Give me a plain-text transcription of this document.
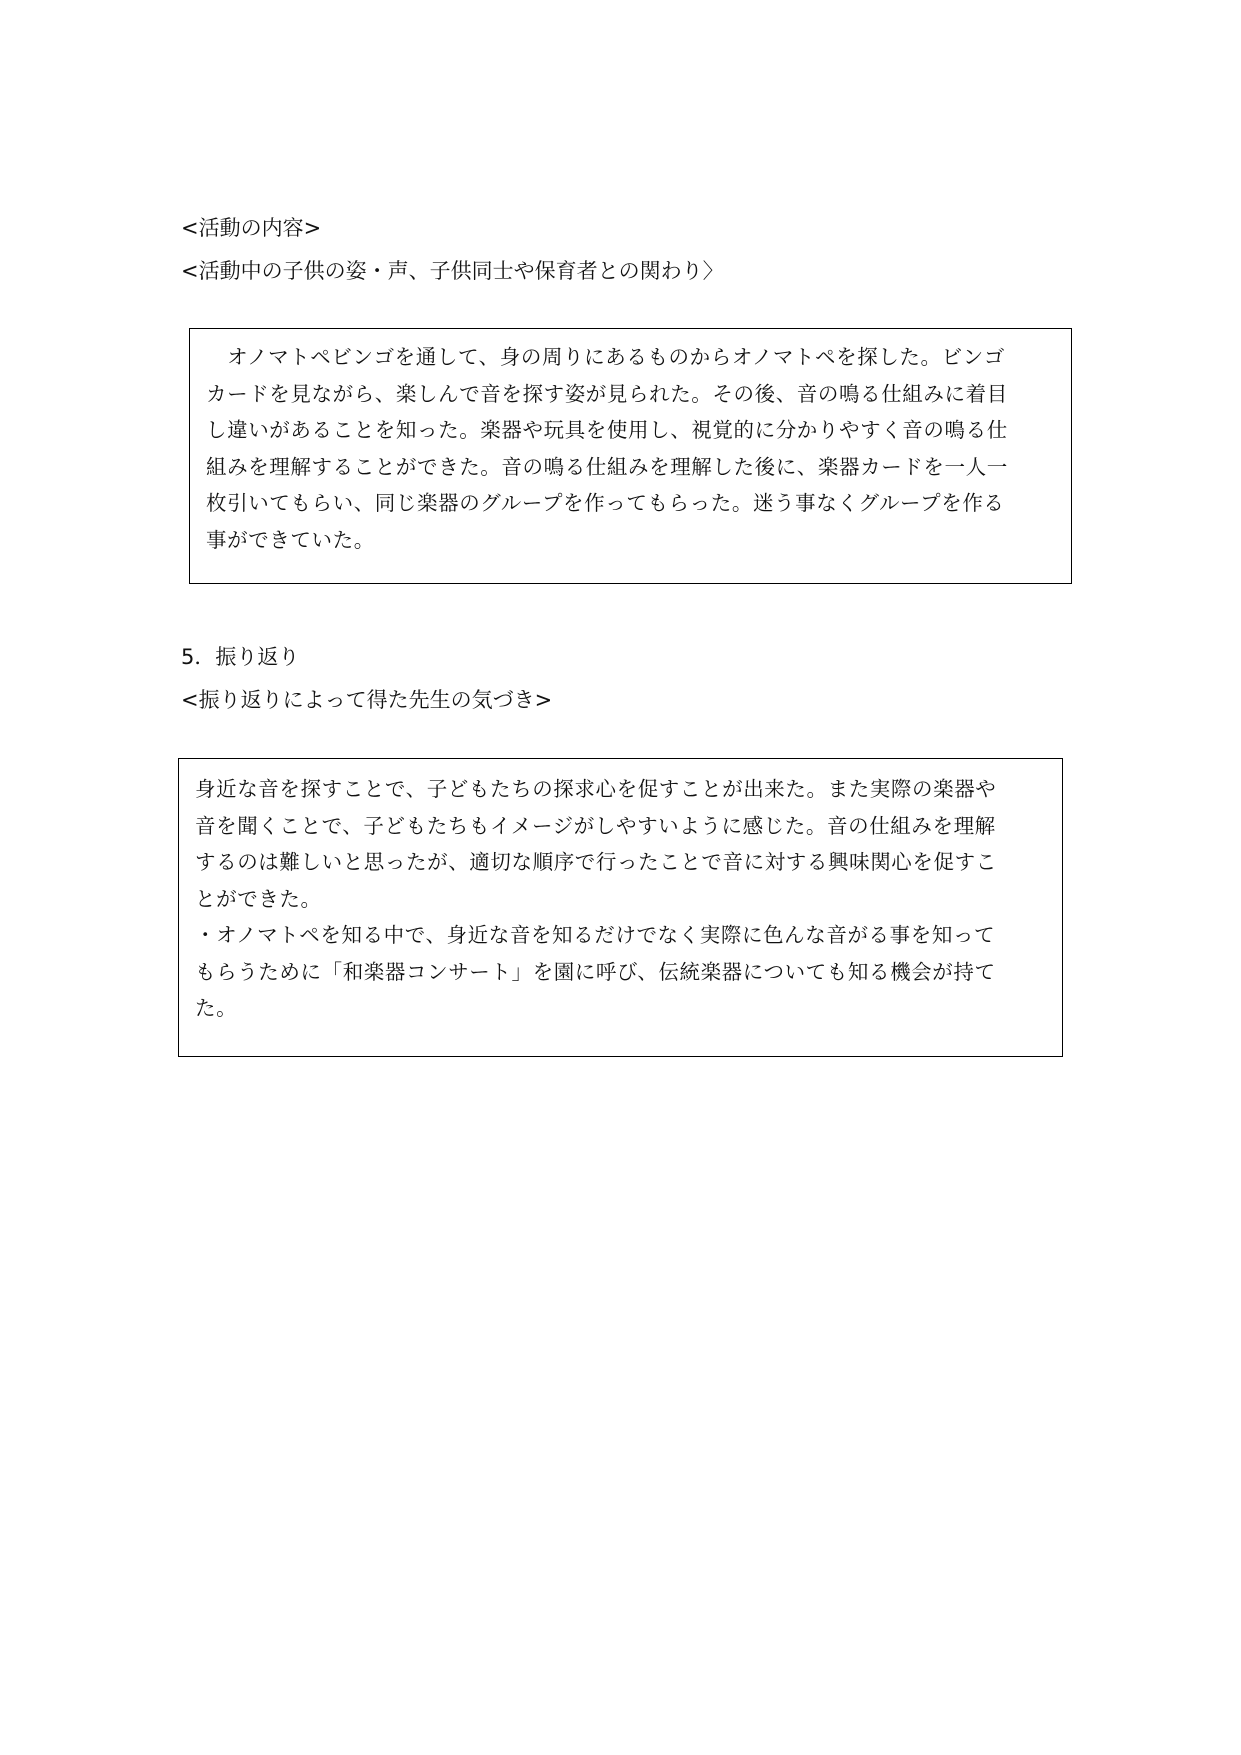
<活動の内容>
<活動中の子供の姿・声、子供同士や保育者との関わり〉

　オノマトペビンゴを通して、身の周りにあるものからオノマトペを探した。ビンゴ

カードを見ながら、楽しんで音を探す姿が見られた。その後、音の鳴る仕組みに着目

し違いがあることを知った。楽器や玩具を使用し、視覚的に分かりやすく音の鳴る仕

組みを理解することができた。音の鳴る仕組みを理解した後に、楽器カードを一人一

枚引いてもらい、同じ楽器のグループを作ってもらった。迷う事なくグループを作る

事ができていた。

5．振り返り
<振り返りによって得た先生の気づき>

身近な音を探すことで、子どもたちの探求心を促すことが出来た。また実際の楽器や

音を聞くことで、子どもたちもイメージがしやすいように感じた。音の仕組みを理解

するのは難しいと思ったが、適切な順序で行ったことで音に対する興味関心を促すこ

とができた。

・オノマトペを知る中で、身近な音を知るだけでなく実際に色んな音がる事を知って

もらうために「和楽器コンサート」を園に呼び、伝統楽器についても知る機会が持て

た。
